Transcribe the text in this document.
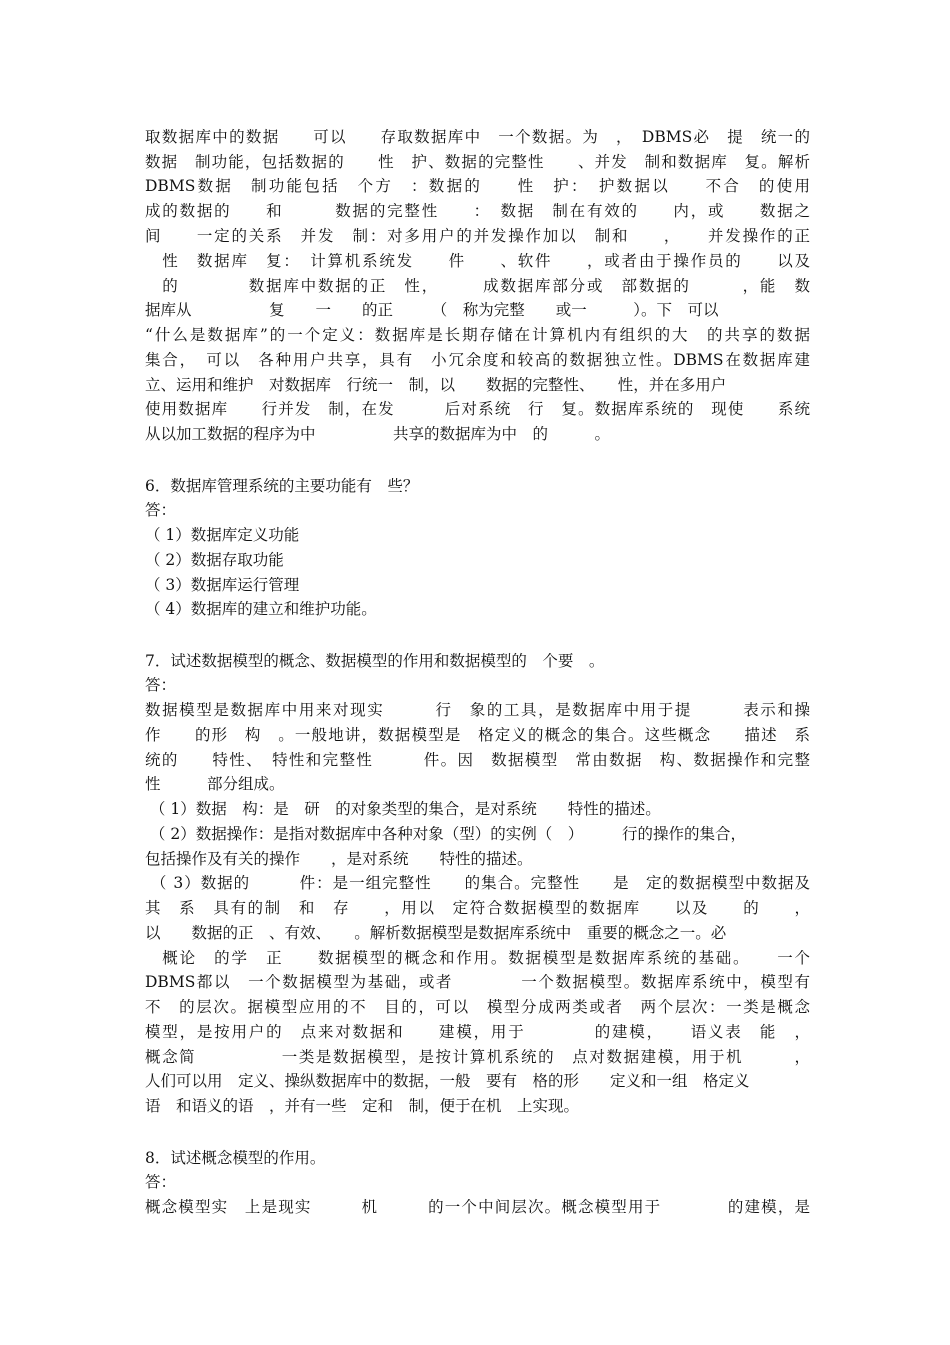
取数据库中的数据　　可以　　存取数据库中　一个数据。为　，　DBMS必　提　统一的
数据　制功能，包括数据的　　性　护、数据的完整性　　、并发　制和数据库　复。解析
DBMS数据　制功能包括　个方　：数据的　　性　护：　护数据以　　不合　的使用
成的数据的　　和　　　数据的完整性　　：　数据　制在有效的　　内，或　　数据之
间　　一定的关系　并发　制：对多用户的并发操作加以　制和　　，　　并发操作的正
　性　数据库　复：　计算机系统发　　件　　、软件　　，或者由于操作员的　　以及
　的　　　　数据库中数据的正　性，　　　成数据库部分或　部数据的　　　，能　数
据库从　　　　　复　　一　　的正　　　（　称为完整　　或一　　　）。下　可以
“什么是数据库”的一个定义：数据库是长期存储在计算机内有组织的大　的共享的数据
集合，　可以　各种用户共享，具有　小冗余度和较高的数据独立性。DBMS在数据库建
立、运用和维护　对数据库　行统一　制，以　　数据的完整性、　　性，并在多用户
使用数据库　　行并发　制，在发　　　后对系统　行　复。数据库系统的　现使　　系统
从以加工数据的程序为中　　　　　共享的数据库为中　的　　　。
6．数据库管理系统的主要功能有　些？
答：
（ 1）数据库定义功能
（ 2）数据存取功能
（ 3）数据库运行管理
（ 4）数据库的建立和维护功能。
7．试述数据模型的概念、数据模型的作用和数据模型的　个要　。
答：
数据模型是数据库中用来对现实　　　行　象的工具，是数据库中用于提　　　表示和操
作　　的形　构　。一般地讲，数据模型是　格定义的概念的集合。这些概念　　描述　系
统的　　特性、　特性和完整性　　　件。因　数据模型　常由数据　构、数据操作和完整
性　　　部分组成。
（ 1）数据　构：是　研　的对象类型的集合，是对系统　　特性的描述。
（ 2）数据操作：是指对数据库中各种对象（型）的实例（　）　　　行的操作的集合，
包括操作及有关的操作　　，是对系统　　特性的描述。
（ 3）数据的　　　件：是一组完整性　　的集合。完整性　　是　定的数据模型中数据及
其　系　具有的制　和　存　　，用以　定符合数据模型的数据库　　以及　　的　　，
以　　数据的正　、有效、　　。解析数据模型是数据库系统中　重要的概念之一。必
　概论　的学　正　　数据模型的概念和作用。数据模型是数据库系统的基础。　　一个
DBMS都以　一个数据模型为基础，或者　　　　一个数据模型。数据库系统中，模型有
不　的层次。据模型应用的不　目的，可以　模型分成两类或者　两个层次：一类是概念
模型，是按用户的　点来对数据和　　建模，用于　　　　的建模，　　语义表　能　，
概念简　　　　　一类是数据模型，是按计算机系统的　点对数据建模，用于机　　　，
人们可以用　定义、操纵数据库中的数据，一般　要有　格的形　　定义和一组　格定义
语　和语义的语　，并有一些　定和　制，便于在机　上实现。
8．试述概念模型的作用。
答：
概念模型实　上是现实　　　机　　　的一个中间层次。概念模型用于　　　　的建模，是
